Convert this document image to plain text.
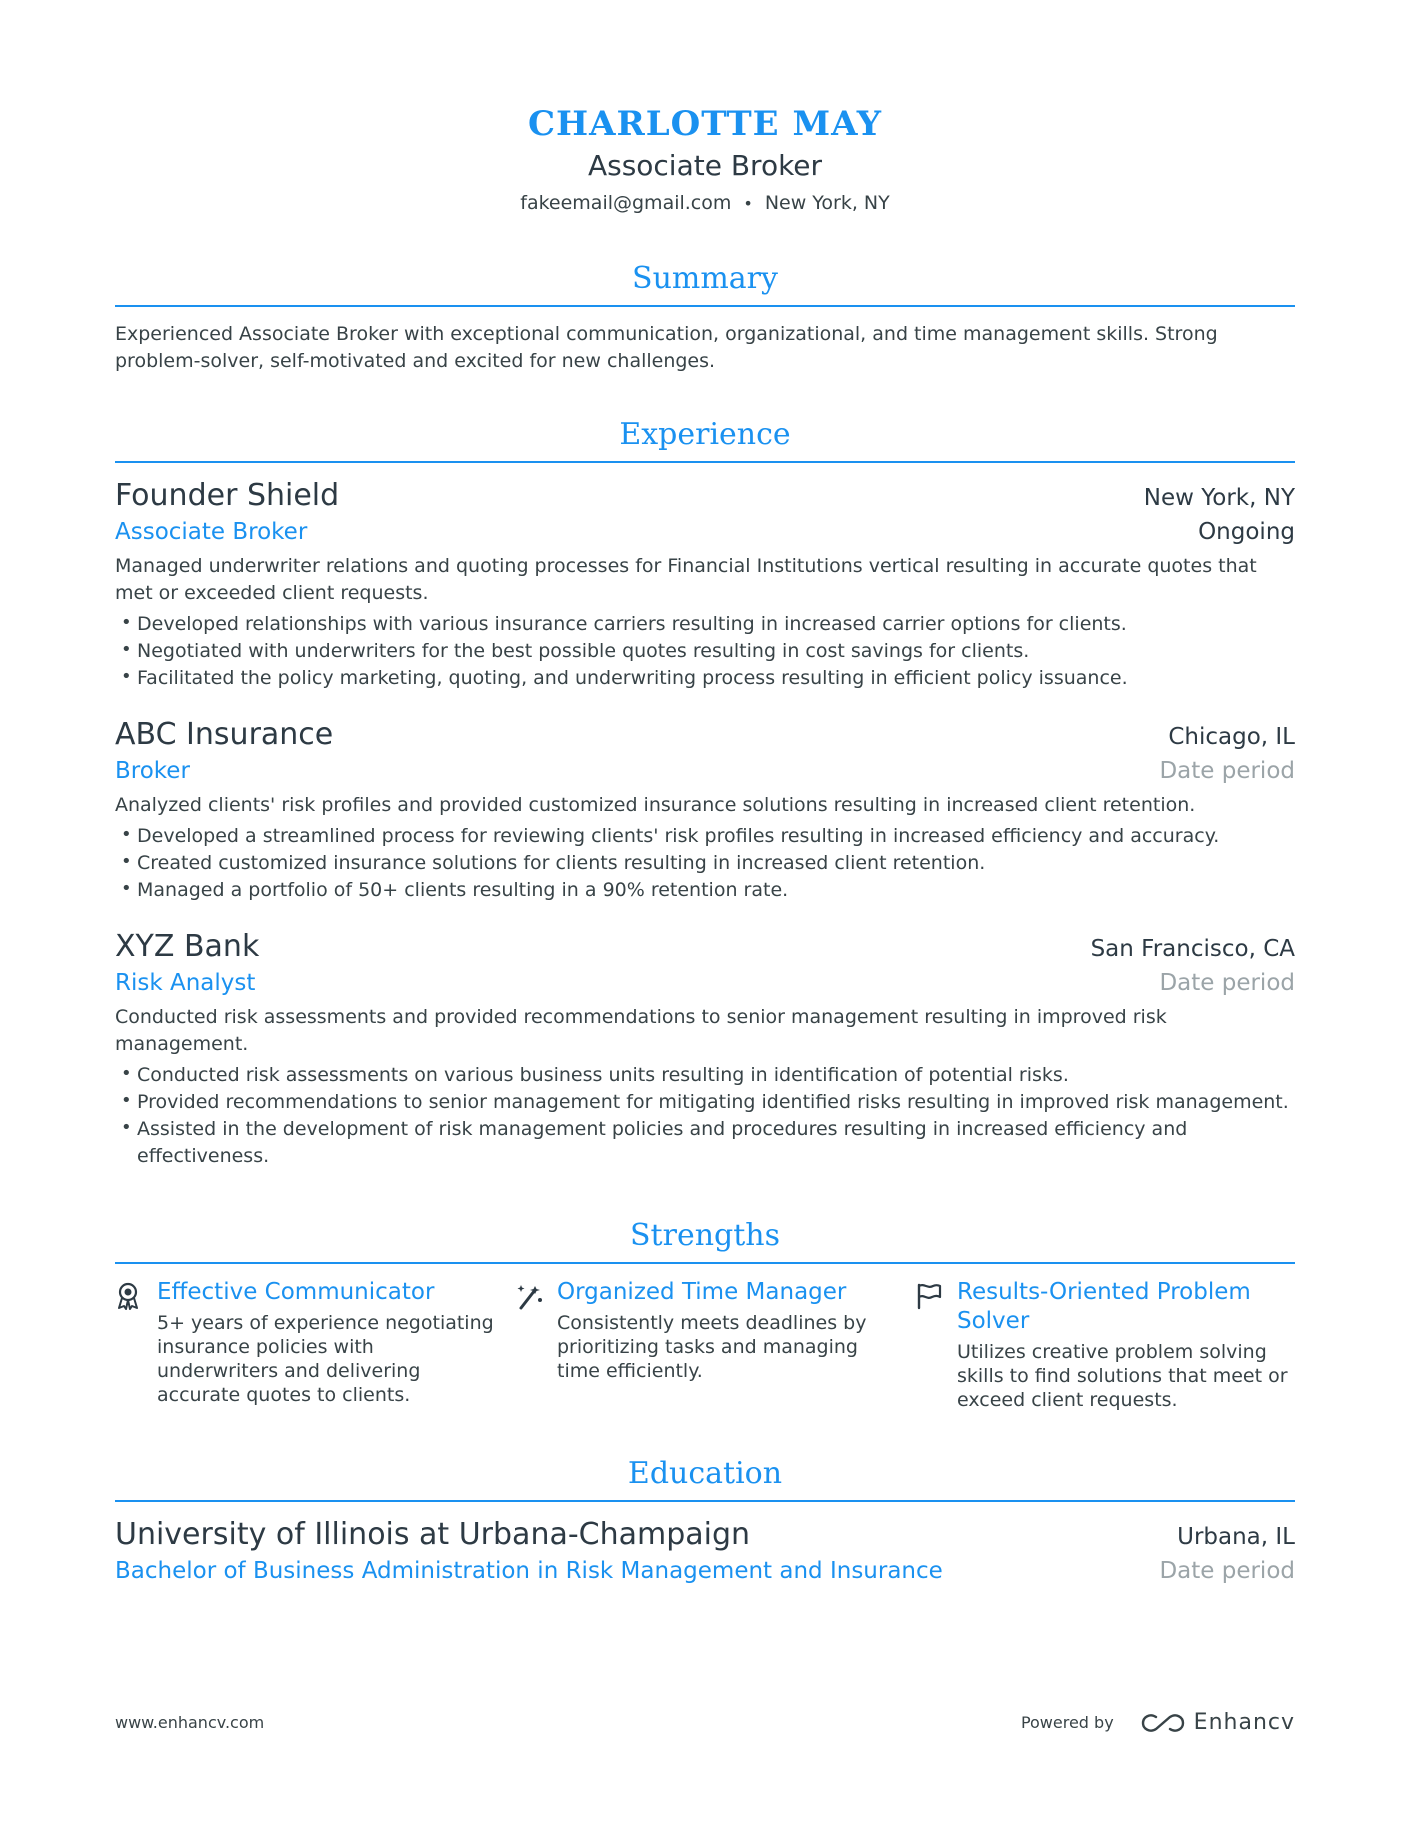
CHARLOTTE MAY
Associate Broker
fakeemail@gmail.com • New York, NY
Summary
Experienced Associate Broker with exceptional communication, organizational, and time management skills. Strong problem-solver, self-motivated and excited for new challenges.
Experience
Founder Shield	New York, NY
Associate Broker	Ongoing
Managed underwriter relations and quoting processes for Financial Institutions vertical resulting in accurate quotes that met or exceeded client requests.
• Developed relationships with various insurance carriers resulting in increased carrier options for clients.
• Negotiated with underwriters for the best possible quotes resulting in cost savings for clients.
• Facilitated the policy marketing, quoting, and underwriting process resulting in efficient policy issuance.
ABC Insurance	Chicago, IL
Broker	Date period
Analyzed clients' risk profiles and provided customized insurance solutions resulting in increased client retention.
• Developed a streamlined process for reviewing clients' risk profiles resulting in increased efficiency and accuracy.
• Created customized insurance solutions for clients resulting in increased client retention.
• Managed a portfolio of 50+ clients resulting in a 90% retention rate.
XYZ Bank	San Francisco, CA
Risk Analyst	Date period
Conducted risk assessments and provided recommendations to senior management resulting in improved risk management.
• Conducted risk assessments on various business units resulting in identification of potential risks.
• Provided recommendations to senior management for mitigating identified risks resulting in improved risk management.
• Assisted in the development of risk management policies and procedures resulting in increased efficiency and effectiveness.
Strengths
Effective Communicator
5+ years of experience negotiating insurance policies with underwriters and delivering accurate quotes to clients.
Organized Time Manager
Consistently meets deadlines by prioritizing tasks and managing time efficiently.
Results-Oriented Problem Solver
Utilizes creative problem solving skills to find solutions that meet or exceed client requests.
Education
University of Illinois at Urbana-Champaign	Urbana, IL
Bachelor of Business Administration in Risk Management and Insurance	Date period
www.enhancv.com	Powered by	Enhancv
